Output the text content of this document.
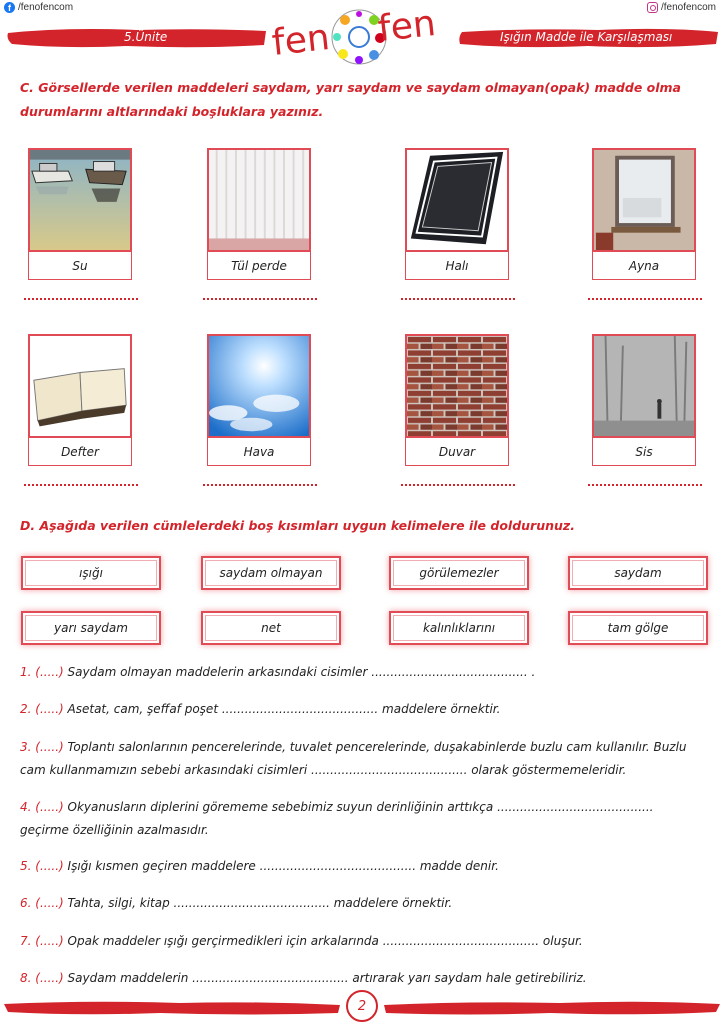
f /fenofencom	/fenofencom
5.Ünite	Işığın Madde ile Karşılaşması
fen fen
C. Görsellerde verilen maddeleri saydam, yarı saydam ve saydam olmayan(opak) madde olma durumlarını altlarındaki boşluklara yazınız.
Su	Tül perde	Halı	Ayna
Defter	Hava	Duvar	Sis
D. Aşağıda verilen cümlelerdeki boş kısımları uygun kelimelere ile doldurunuz.
ışığı	saydam olmayan	görülemezler	saydam
yarı saydam	net	kalınlıklarını	tam gölge
1. (.....) Saydam olmayan maddelerin arkasındaki cisimler ......................................... .
2. (.....) Asetat, cam, şeffaf poşet ......................................... maddelere örnektir.
3. (.....) Toplantı salonlarının pencerelerinde, tuvalet pencerelerinde, duşakabinlerde buzlu cam kullanılır. Buzlu cam kullanmamızın sebebi arkasındaki cisimleri ......................................... olarak göstermemeleridir.
4. (.....) Okyanusların diplerini görememe sebebimiz suyun derinliğinin arttıkça ......................................... geçirme özelliğinin azalmasıdır.
5. (.....) Işığı kısmen geçiren maddelere ......................................... madde denir.
6. (.....) Tahta, silgi, kitap ......................................... maddelere örnektir.
7. (.....) Opak maddeler ışığı gerçirmedikleri için arkalarında ......................................... oluşur.
8. (.....) Saydam maddelerin ......................................... artırarak yarı saydam hale getirebiliriz.
2
